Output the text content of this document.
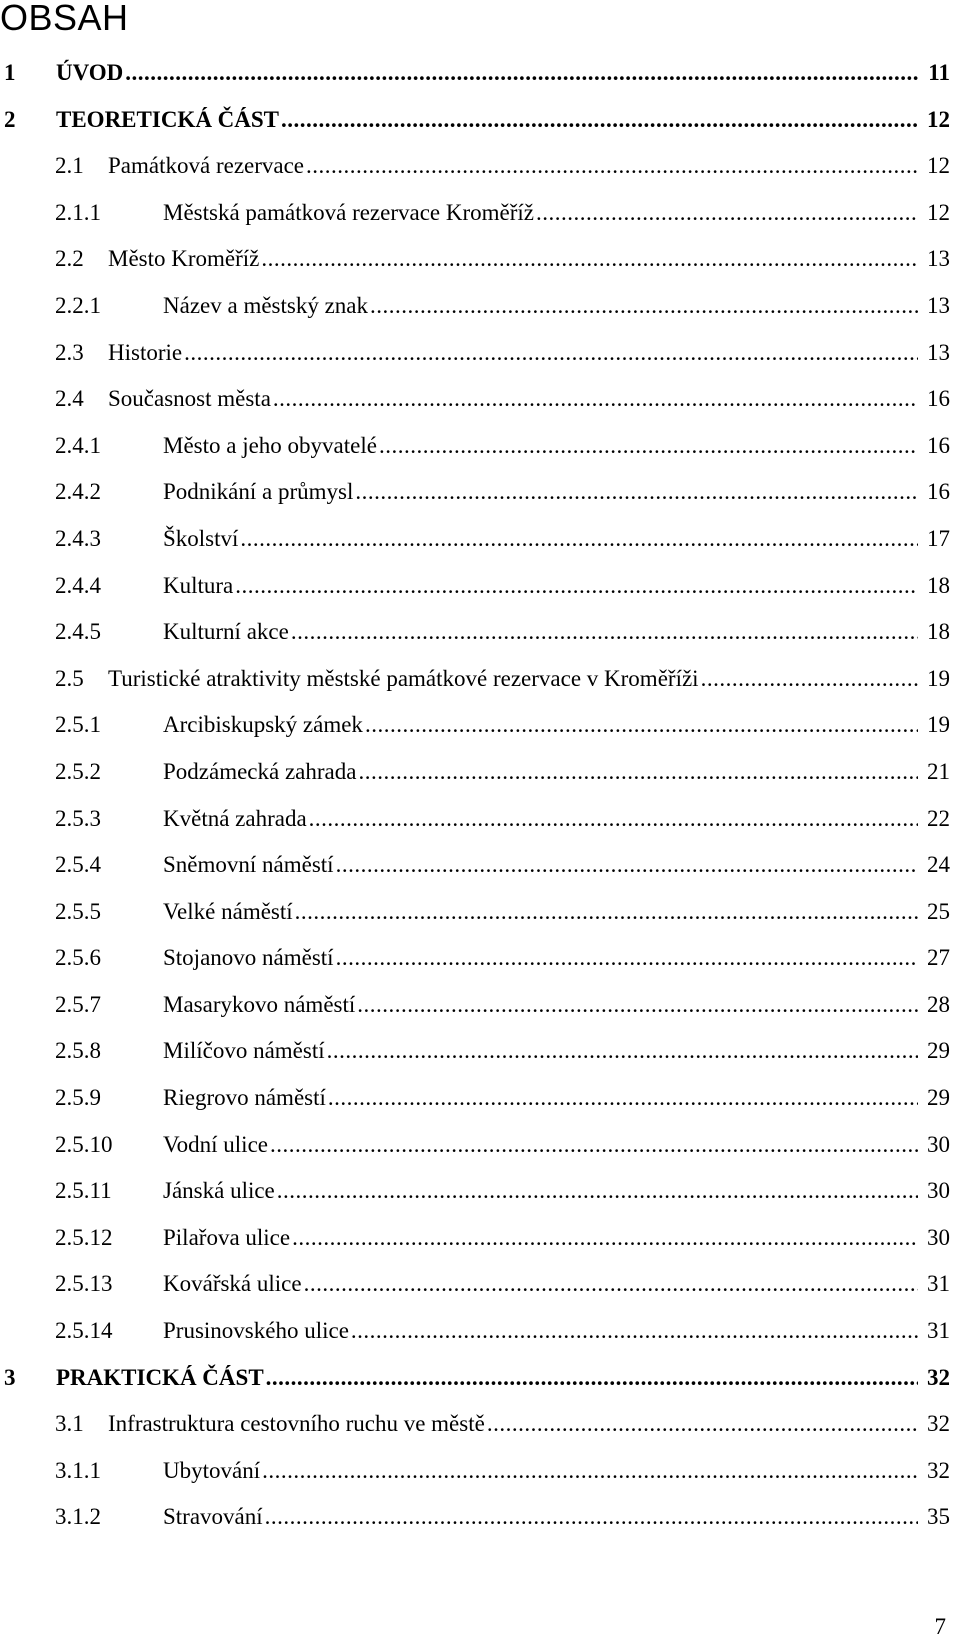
OBSAH
1	ÚVOD .....	11
2	TEORETICKÁ ČÁST .....	12
2.1	Památková rezervace .....	12
2.1.1	Městská památková rezervace Kroměříž .....	12
2.2	Město Kroměříž .....	13
2.2.1	Název a městský znak .....	13
2.3	Historie .....	13
2.4	Současnost města .....	16
2.4.1	Město a jeho obyvatelé .....	16
2.4.2	Podnikání a průmysl .....	16
2.4.3	Školství .....	17
2.4.4	Kultura .....	18
2.4.5	Kulturní akce .....	18
2.5	Turistické atraktivity městské památkové rezervace v Kroměříži .....	19
2.5.1	Arcibiskupský zámek .....	19
2.5.2	Podzámecká zahrada .....	21
2.5.3	Květná zahrada .....	22
2.5.4	Sněmovní náměstí .....	24
2.5.5	Velké náměstí .....	25
2.5.6	Stojanovo náměstí .....	27
2.5.7	Masarykovo náměstí .....	28
2.5.8	Milíčovo náměstí .....	29
2.5.9	Riegrovo náměstí .....	29
2.5.10	Vodní ulice .....	30
2.5.11	Jánská ulice .....	30
2.5.12	Pilařova ulice .....	30
2.5.13	Kovářská ulice .....	31
2.5.14	Prusinovského ulice .....	31
3	PRAKTICKÁ ČÁST .....	32
3.1	Infrastruktura cestovního ruchu ve městě .....	32
3.1.1	Ubytování .....	32
3.1.2	Stravování .....	35
7
